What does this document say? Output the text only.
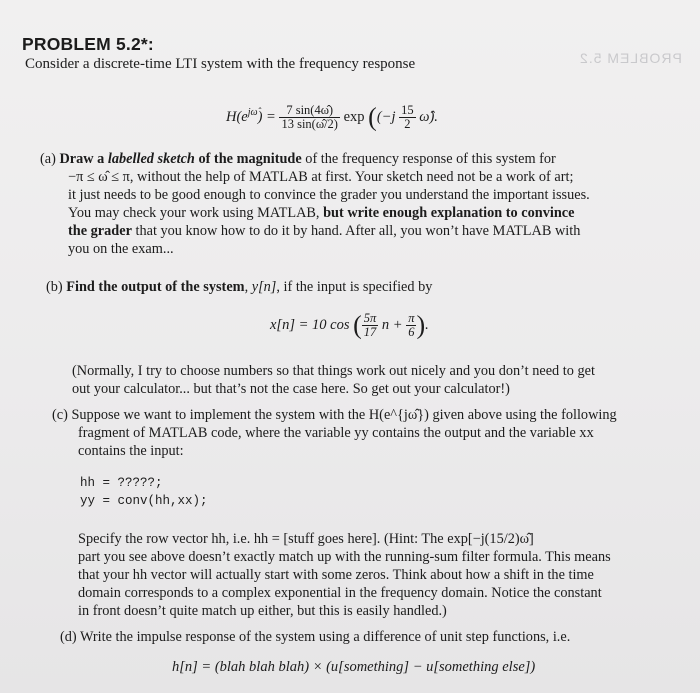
PROBLEM 5.2
PROBLEM 5.2*:
Consider a discrete-time LTI system with the frequency response
$H(e^{j\omegâ}) = \frac{7 \sin(4\omegâ)}{13 \sin(\omegâ/2)}$ $\exp ((-j \frac{15}{2}$ ω̂).
(a) Draw a labelled sketch of the magnitude of the frequency response of this system for
−π ≤ ω̂ ≤ π, without the help of MATLAB at first. Your sketch need not be a work of art;
it just needs to be good enough to convince the grader you understand the important issues.
You may check your work using MATLAB, but write enough explanation to convince
the grader that you know how to do it by hand. After all, you won’t have MATLAB with
you on the exam...
(b) Find the output of the system, y[n], if the input is specified by
x[n] = 10 cos ( $\frac{5\pi}{17}$ $n + \frac{\pi}{6}$ ).
(Normally, I try to choose numbers so that things work out nicely and you don’t need to get
out your calculator... but that’s not the case here. So get out your calculator!)
(c) Suppose we want to implement the system with the H(e^{jω̂}) given above using the following
fragment of MATLAB code, where the variable yy contains the output and the variable xx
contains the input:
hh = ?????;
yy = conv(hh,xx);
Specify the row vector hh, i.e. hh = [stuff goes here]. (Hint: The exp[−j(15/2)ω̂]
part you see above doesn’t exactly match up with the running-sum filter formula. This means
that your hh vector will actually start with some zeros. Think about how a shift in the time
domain corresponds to a complex exponential in the frequency domain. Notice the constant
in front doesn’t quite match up either, but this is easily handled.)
(d) Write the impulse response of the system using a difference of unit step functions, i.e.
h[n] = (blah blah blah) × (u[something] − u[something else])
